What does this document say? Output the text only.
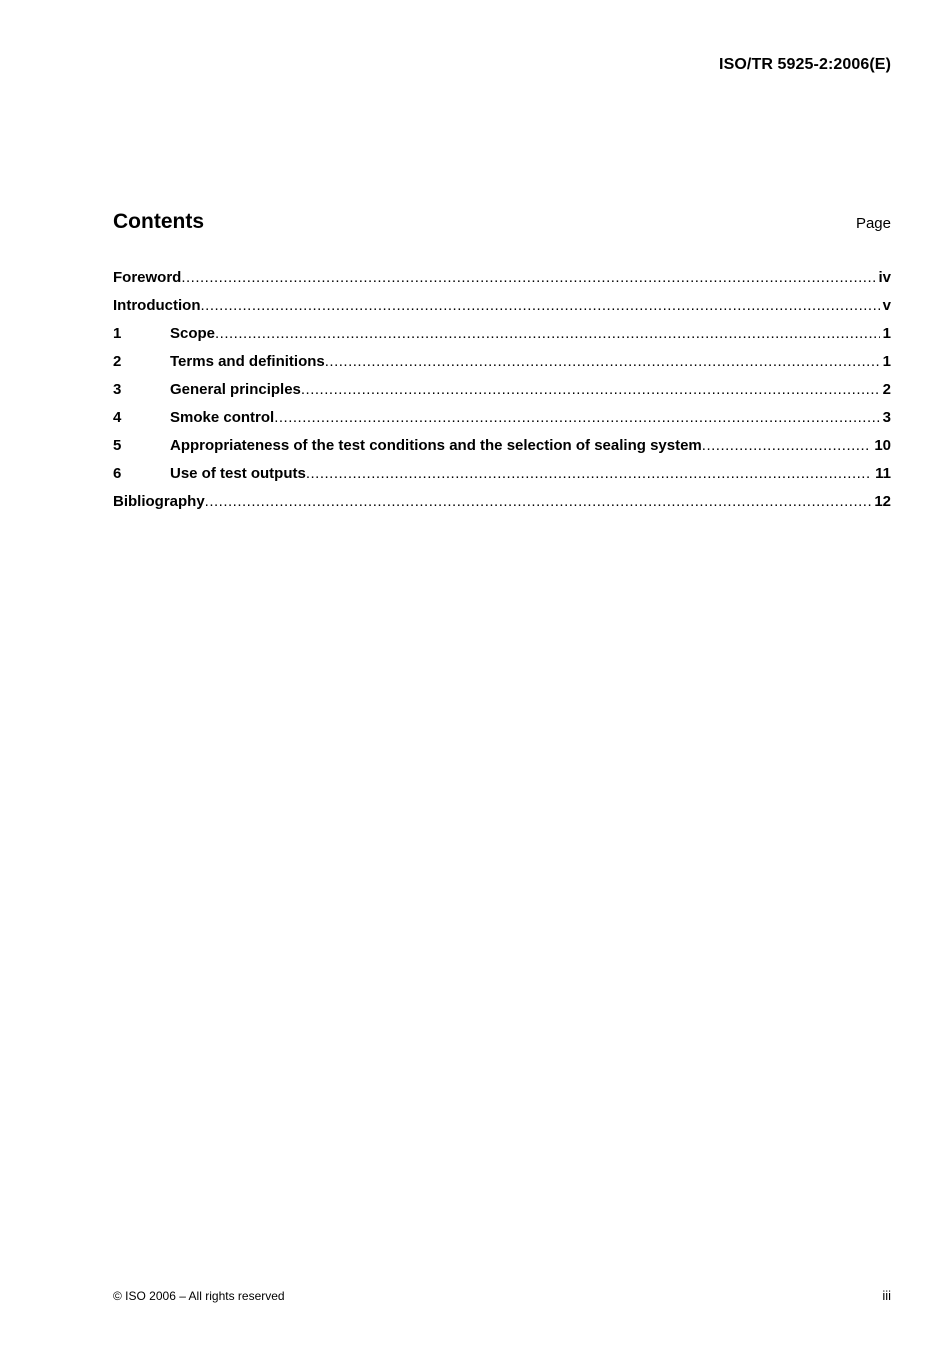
ISO/TR 5925-2:2006(E)
Contents	Page
Foreword .....	iv
Introduction .....	v
1	Scope .....	1
2	Terms and definitions .....	1
3	General principles .....	2
4	Smoke control .....	3
5	Appropriateness of the test conditions and the selection of sealing system .....	10
6	Use of test outputs .....	11
Bibliography .....	12
© ISO 2006 – All rights reserved	iii
